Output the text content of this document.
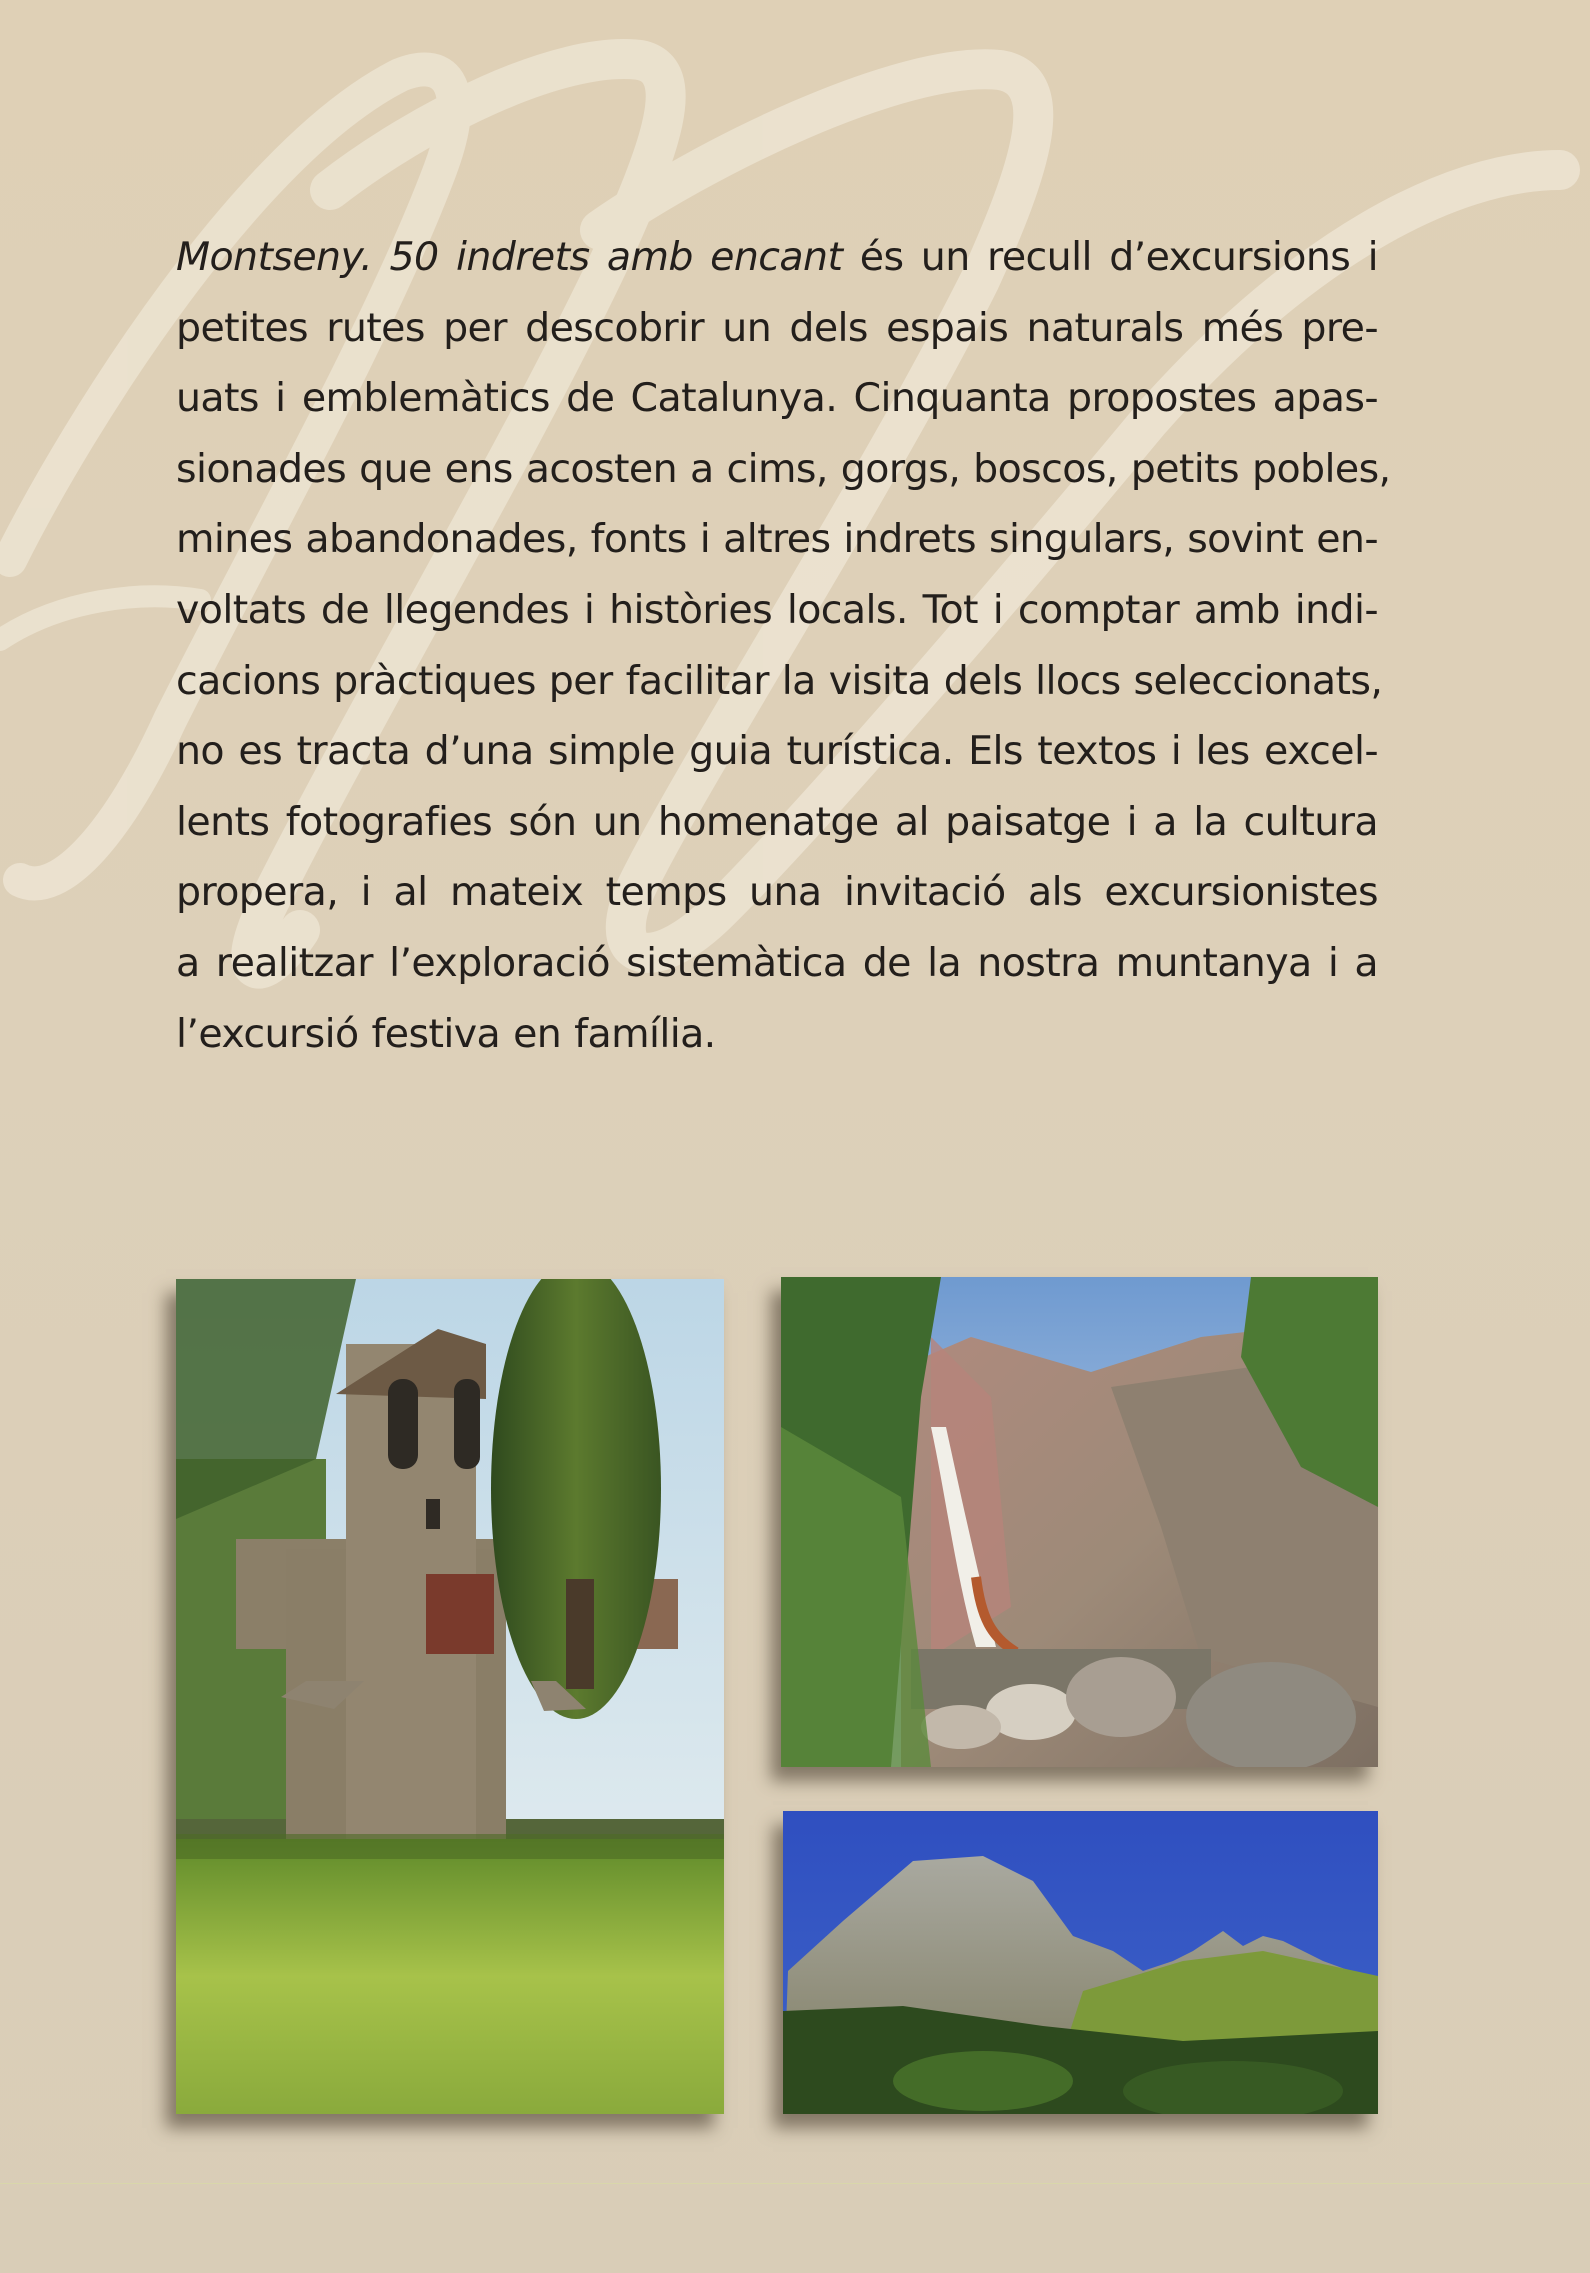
Montseny. 50 indrets amb encant és un recull d’excursions i
petites rutes per descobrir un dels espais naturals més pre-
uats i emblemàtics de Catalunya. Cinquanta propostes apas-
sionades que ens acosten a cims, gorgs, boscos, petits pobles,
mines abandonades, fonts i altres indrets singulars, sovint en-
voltats de llegendes i històries locals. Tot i comptar amb indi-
cacions pràctiques per facilitar la visita dels llocs seleccionats,
no es tracta d’una simple guia turística. Els textos i les excel-
lents fotografies són un homenatge al paisatge i a la cultura
propera, i al mateix temps una invitació als excursionistes
a realitzar l’exploració sistemàtica de la nostra muntanya i a
l’excursió festiva en família.
